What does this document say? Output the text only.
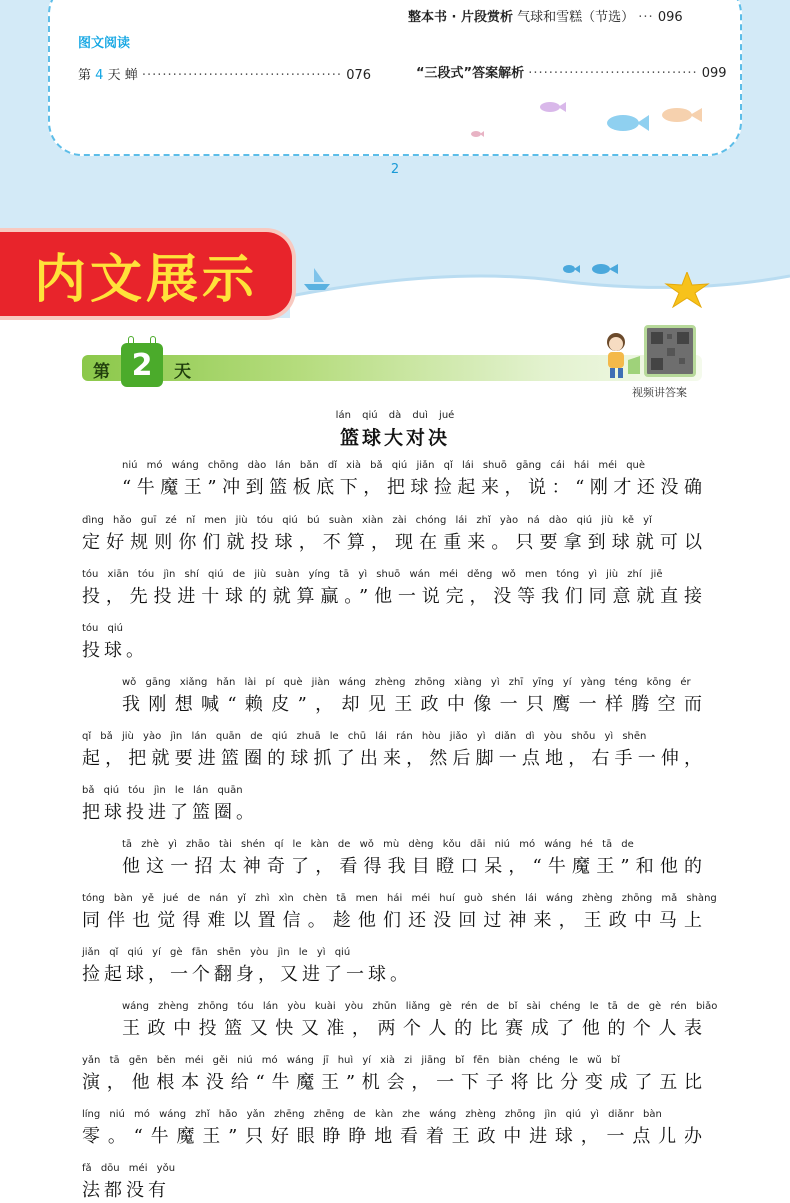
图文阅读
第 4 天 蝉 ······································· 076
整本书 · 片段赏析 气球和雪糕（节选） ··· 096
“三段式”答案解析 ································· 099
2
内文展示
第 2	天
视频讲答案
lán qiú dà duì jué
篮球大对决
niú mó wáng chōng dào lán bǎn dǐ xià bǎ qiú jiǎn qǐ lái shuō gāng cái hái méi què
“牛魔王”冲到篮板底下，把球捡起来，说：“刚才还没确
dìng hǎo guī zé nǐ men jiù tóu qiú bú suàn xiàn zài chóng lái zhǐ yào ná dào qiú jiù kě yǐ
定好规则你们就投球，不算，现在重来。只要拿到球就可以
tóu xiān tóu jìn shí qiú de jiù suàn yíng tā yì shuō wán méi děng wǒ men tóng yì jiù zhí jiē
投，先投进十球的就算赢。”他一说完，没等我们同意就直接
tóu qiú
投球。
wǒ gāng xiǎng hǎn lài pí què jiàn wáng zhèng zhōng xiàng yì zhī yīng yí yàng téng kōng ér
我刚想喊“赖皮”，却见王政中像一只鹰一样腾空而
qǐ bǎ jiù yào jìn lán quān de qiú zhuā le chū lái rán hòu jiǎo yì diǎn dì yòu shǒu yì shēn
起，把就要进篮圈的球抓了出来，然后脚一点地，右手一伸，
bǎ qiú tóu jìn le lán quān
把球投进了篮圈。
tā zhè yì zhāo tài shén qí le kàn de wǒ mù dèng kǒu dāi niú mó wáng hé tā de
他这一招太神奇了，看得我目瞪口呆，“牛魔王”和他的
tóng bàn yě jué de nán yǐ zhì xìn chèn tā men hái méi huí guò shén lái wáng zhèng zhōng mǎ shàng
同伴也觉得难以置信。趁他们还没回过神来，王政中马上
jiǎn qǐ qiú yí gè fān shēn yòu jìn le yì qiú
捡起球，一个翻身，又进了一球。
wáng zhèng zhōng tóu lán yòu kuài yòu zhǔn liǎng gè rén de bǐ sài chéng le tā de gè rén biǎo
王政中投篮又快又准，两个人的比赛成了他的个人表
yǎn tā gēn běn méi gěi niú mó wáng jī huì yí xià zi jiāng bǐ fēn biàn chéng le wǔ bǐ
演，他根本没给“牛魔王”机会，一下子将比分变成了五比
líng niú mó wáng zhǐ hǎo yǎn zhēng zhēng de kàn zhe wáng zhèng zhōng jìn qiú yì diǎnr bàn
零。“牛魔王”只好眼睁睁地看着王政中进球，一点儿办
fǎ dōu méi yǒu
法都没有
